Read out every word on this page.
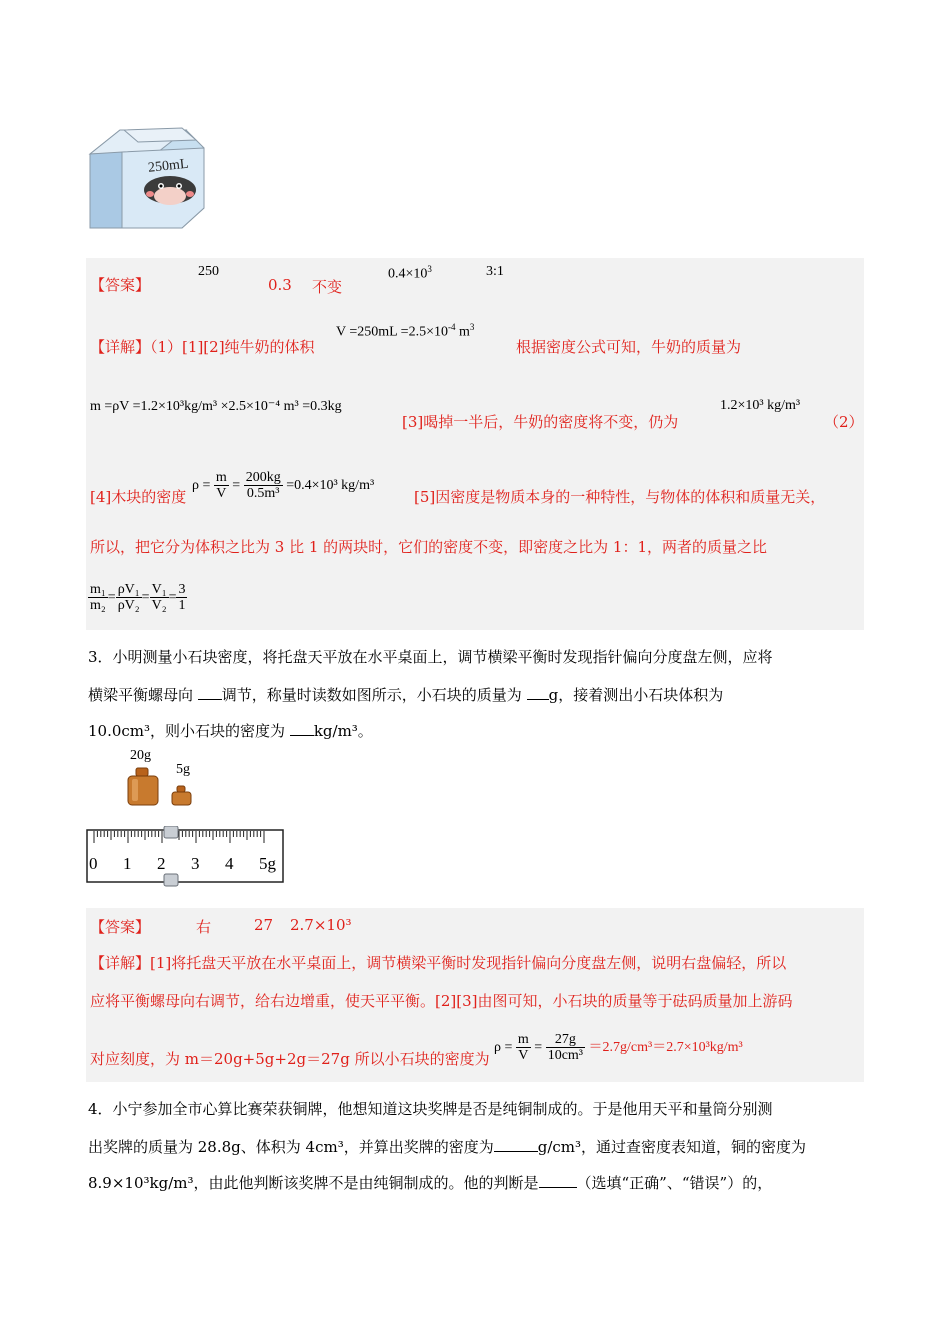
250mL
【答案】
250
0.3 不变
$0.4\times 10^3$	3:1
【详解】（1）[1][2]纯牛奶的体积
$V =250mL =2.5\times 10^{-4}$ $m^3$
根据密度公式可知，牛奶的质量为
m =ρV =1.2×10³kg/m³ ×2.5×10⁻⁴ m³ =0.3kg
[3]喝掉一半后，牛奶的密度将不变，仍为
1.2×10³ kg/m³
（2）
[4]木块的密度
$\rho = \frac{m}{V} = \frac{200kg}{\text{0.5m³}} =0.4\times 10^3$ kg/m³
[5]因密度是物质本身的一种特性，与物体的体积和质量无关，
所以，把它分为体积之比为 3 比 1 的两块时，它们的密度不变，即密度之比为 1：1，两者的质量之比
$\frac{\text{m₁}}{\text{m₂}} = \frac{\text{ρV₁}}{\text{ρV₂}} = \frac{\text{V₁}}{\text{V₂}} = \frac{3}{1}$
3．小明测量小石块密度，将托盘天平放在水平桌面上，调节横梁平衡时发现指针偏向分度盘左侧，应将
横梁平衡螺母向 调节，称量时读数如图所示，小石块的质量为 g，接着测出小石块体积为
10.0cm³，则小石块的密度为 kg/m³。
20g
5g
0 1 2 3 4 5g
【答案】	右	27 2.7×10³
【详解】[1]将托盘天平放在水平桌面上，调节横梁平衡时发现指针偏向分度盘左侧，说明右盘偏轻，所以
应将平衡螺母向右调节，给右边增重，使天平平衡。[2][3]由图可知，小石块的质量等于砝码质量加上游码
对应刻度，为 m＝20g+5g+2g＝27g 所以小石块的密度为
$\rho = \frac{m}{V} = \frac{27g}{\text{10cm³}} =2.7g/cm^3=2.7\times 10^3kg/m^3$
4．小宁参加全市心算比赛荣获铜牌，他想知道这块奖牌是否是纯铜制成的。于是他用天平和量筒分别测
出奖牌的质量为 28.8g、体积为 4cm³，并算出奖牌的密度为	g/cm³，通过查密度表知道，铜的密度为
8.9×10³kg/m³，由此他判断该奖牌不是由纯铜制成的。他的判断是	（选填“正确”、“错误”）的，
